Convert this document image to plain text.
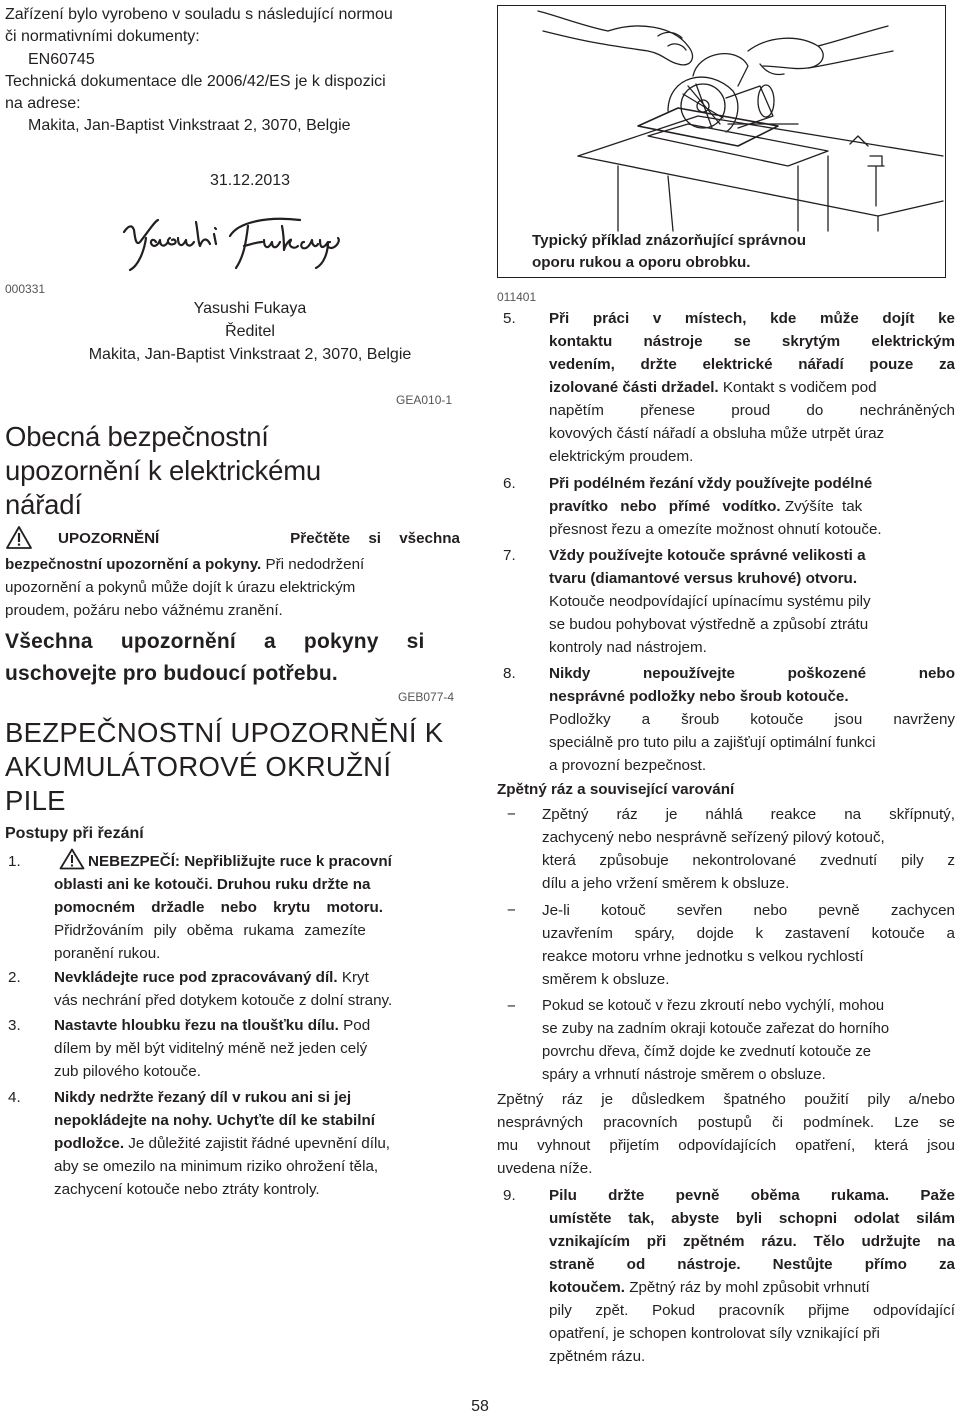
Zařízení bylo vyrobeno v souladu s následující normou
či normativními dokumenty:
EN60745
Technická dokumentace dle 2006/42/ES je k dispozici
na adrese:
Makita, Jan-Baptist Vinkstraat 2, 3070, Belgie
31.12.2013
000331
Yasushi Fukaya
Ředitel
Makita, Jan-Baptist Vinkstraat 2, 3070, Belgie
GEA010-1
Obecná bezpečnostní
upozornění k elektrickému
nářadí
UPOZORNĚNÍ	Přečtěte si všechna
bezpečnostní upozornění a pokyny. Při nedodržení
upozornění a pokynů může dojít k úrazu elektrickým
proudem, požáru nebo vážnému zranění.
Všechna upozornění a pokyny si
uschovejte pro budoucí potřebu.
GEB077-4
BEZPEČNOSTNÍ UPOZORNĚNÍ K
AKUMULÁTOROVÉ OKRUŽNÍ
PILE
Postupy při řezání
1.	NEBEZPEČÍ: Nepřibližujte ruce k pracovní
oblasti ani ke kotouči. Druhou ruku držte na
pomocném držadle nebo krytu motoru.
Přidržováním pily oběma rukama zamezíte
poranění rukou.
2. Nevkládejte ruce pod zpracovávaný díl. Kryt
vás nechrání před dotykem kotouče z dolní strany.
3. Nastavte hloubku řezu na tloušťku dílu. Pod
dílem by měl být viditelný méně než jeden celý
zub pilového kotouče.
4. Nikdy nedržte řezaný díl v rukou ani si jej
nepokládejte na nohy. Uchyťte díl ke stabilní
podložce. Je důležité zajistit řádné upevnění dílu,
aby se omezilo na minimum riziko ohrožení těla,
zachycení kotouče nebo ztráty kontroly.
Typický příklad znázorňující správnou
oporu rukou a oporu obrobku.
011401
5. Při práci v místech, kde může dojít ke
kontaktu nástroje se skrytým elektrickým
vedením, držte elektrické nářadí pouze za
izolované části držadel. Kontakt s vodičem pod
napětím přenese proud do nechráněných
kovových částí nářadí a obsluha může utrpět úraz
elektrickým proudem.
6. Při podélném řezání vždy používejte podélné
pravítko nebo přímé vodítko. Zvýšíte tak
přesnost řezu a omezíte možnost ohnutí kotouče.
7. Vždy používejte kotouče správné velikosti a
tvaru (diamantové versus kruhové) otvoru.
Kotouče neodpovídající upínacímu systému pily
se budou pohybovat výstředně a způsobí ztrátu
kontroly nad nástrojem.
8. Nikdy nepoužívejte poškozené nebo
nesprávné podložky nebo šroub kotouče.
Podložky a šroub kotouče jsou navrženy
speciálně pro tuto pilu a zajišťují optimální funkci
a provozní bezpečnost.
Zpětný ráz a související varování
− Zpětný ráz je náhlá reakce na skřípnutý,
zachycený nebo nesprávně seřízený pilový kotouč,
která způsobuje nekontrolované zvednutí pily z
dílu a jeho vržení směrem k obsluze.
− Je-li kotouč sevřen nebo pevně zachycen
uzavřením spáry, dojde k zastavení kotouče a
reakce motoru vrhne jednotku s velkou rychlostí
směrem k obsluze.
− Pokud se kotouč v řezu zkroutí nebo vychýlí, mohou
se zuby na zadním okraji kotouče zařezat do horního
povrchu dřeva, čímž dojde ke zvednutí kotouče ze
spáry a vrhnutí nástroje směrem o obsluze.
Zpětný ráz je důsledkem špatného použití pily a/nebo
nesprávných pracovních postupů či podmínek. Lze se
mu vyhnout přijetím odpovídajících opatření, která jsou
uvedena níže.
9. Pilu držte pevně oběma rukama. Paže
umístěte tak, abyste byli schopni odolat silám
vznikajícím při zpětném rázu. Tělo udržujte na
straně od nástroje. Nestůjte přímo za
kotoučem. Zpětný ráz by mohl způsobit vrhnutí
pily zpět. Pokud pracovník přijme odpovídající
opatření, je schopen kontrolovat síly vznikající při
zpětném rázu.
58
